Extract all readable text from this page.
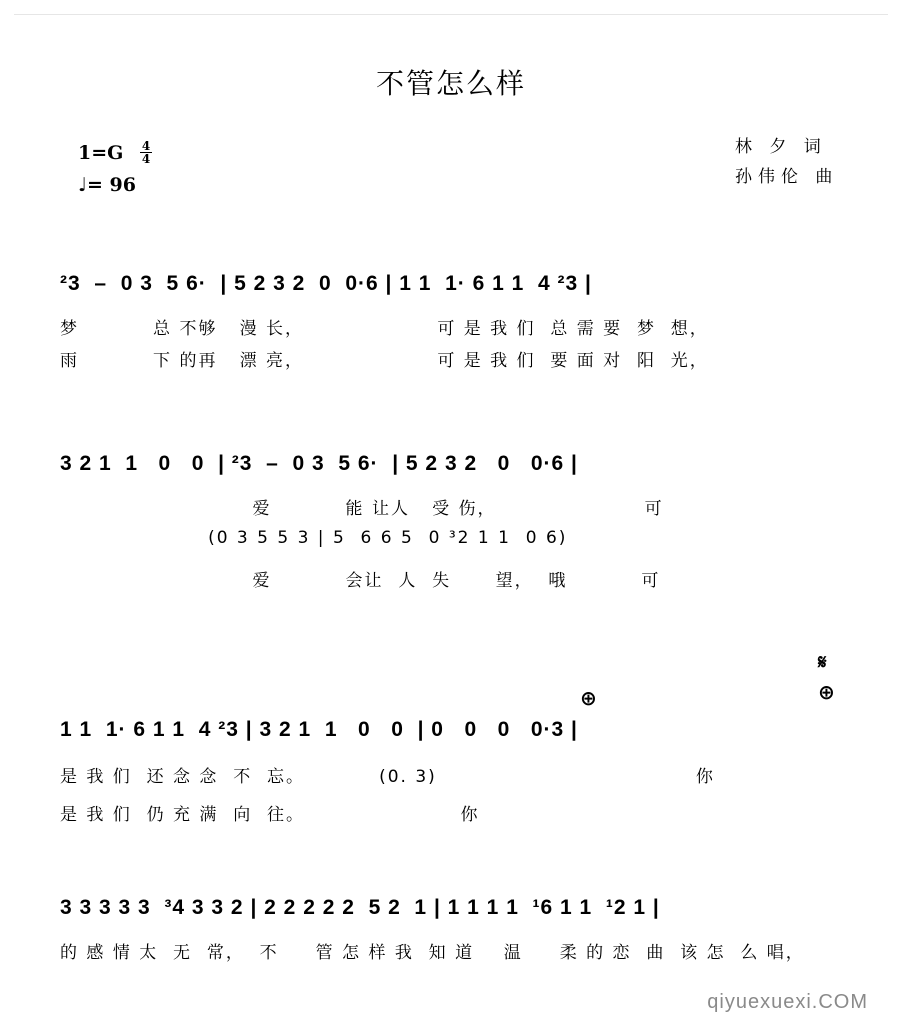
不管怎么样
1=G 4
4
♩= 96
林 夕 词
孙伟伦 曲
²3  –  0 3  5 6·  | 5 2 3 2  0  0·6 | 1 1  1· 6 1 1  4 ²3 |
梦          总 不够   漫 长，                  可 是 我 们  总 需 要  梦  想，
雨          下 的再   漂 亮，                  可 是 我 们  要 面 对  阳  光，
3 2 1  1   0   0  | ²3  –  0 3  5 6·  | 5 2 3 2   0   0·6 |
爱          能 让人   受 伤，                    可
(0 3 5 5 3 | 5  6 6 5  0 ³2 1 1  0 6)
爱          会让  人  失      望，  哦          可
𝄋
⊕	⊕
1 1  1· 6 1 1  4 ²3 | 3 2 1  1   0   0  | 0   0   0   0·3 |
是 我 们  还 念 念  不  忘。          (0. 3)                                   你
是 我 们  仍 充 满  向  往。                     你
3 3 3 3 3  ³4 3 3 2 | 2 2 2 2 2  5 2  1 | 1 1 1 1  ¹6 1 1  ¹2 1 |
的 感 情 太  无  常，  不     管 怎 样 我  知 道    温     柔 的 恋  曲  该 怎  么 唱，
qiyuexuexi.COM
